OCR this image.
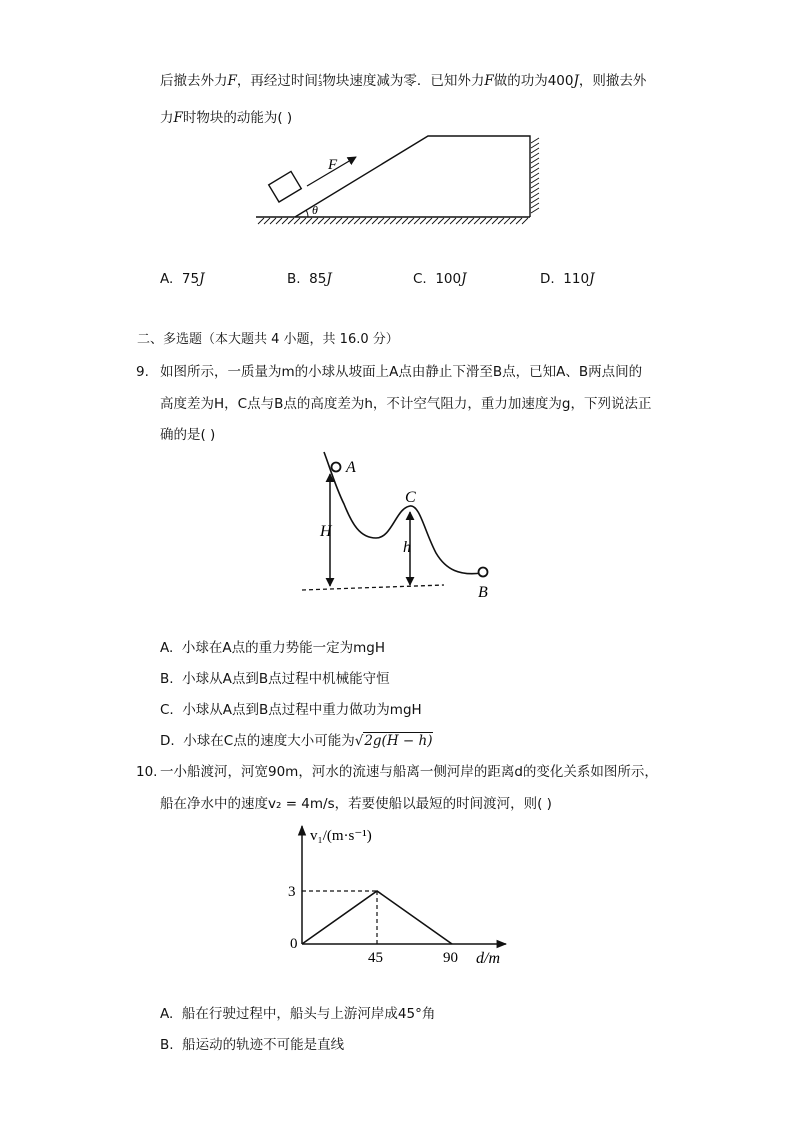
后撤去外力F，再经过时间 t
3 物块速度减为零．已知外力F做的功为400J，则撤去外
力F时物块的动能为( )
F
θ
A. 75J	B. 85J	C. 100J	D. 110J
二、多选题（本大题共 4 小题，共 16.0 分）
9. 如图所示，一质量为m的小球从坡面上A点由静止下滑至B点，已知A、B两点间的
高度差为H，C点与B点的高度差为h，不计空气阻力，重力加速度为g，下列说法正
确的是( )
A
C
B
H
h
A. 小球在A点的重力势能一定为mgH
B. 小球从A点到B点过程中机械能守恒
C. 小球从A点到B点过程中重力做功为mgH
D. 小球在C点的速度大小可能为√2g(H − h)
10. 一小船渡河，河宽90m，河水的流速与船离一侧河岸的距离d的变化关系如图所示，
船在净水中的速度v₂ = 4m/s，若要使船以最短的时间渡河，则( )
0
45	90
3
v₁/(m·s⁻¹)
d/m
A. 船在行驶过程中，船头与上游河岸成45°角
B. 船运动的轨迹不可能是直线
